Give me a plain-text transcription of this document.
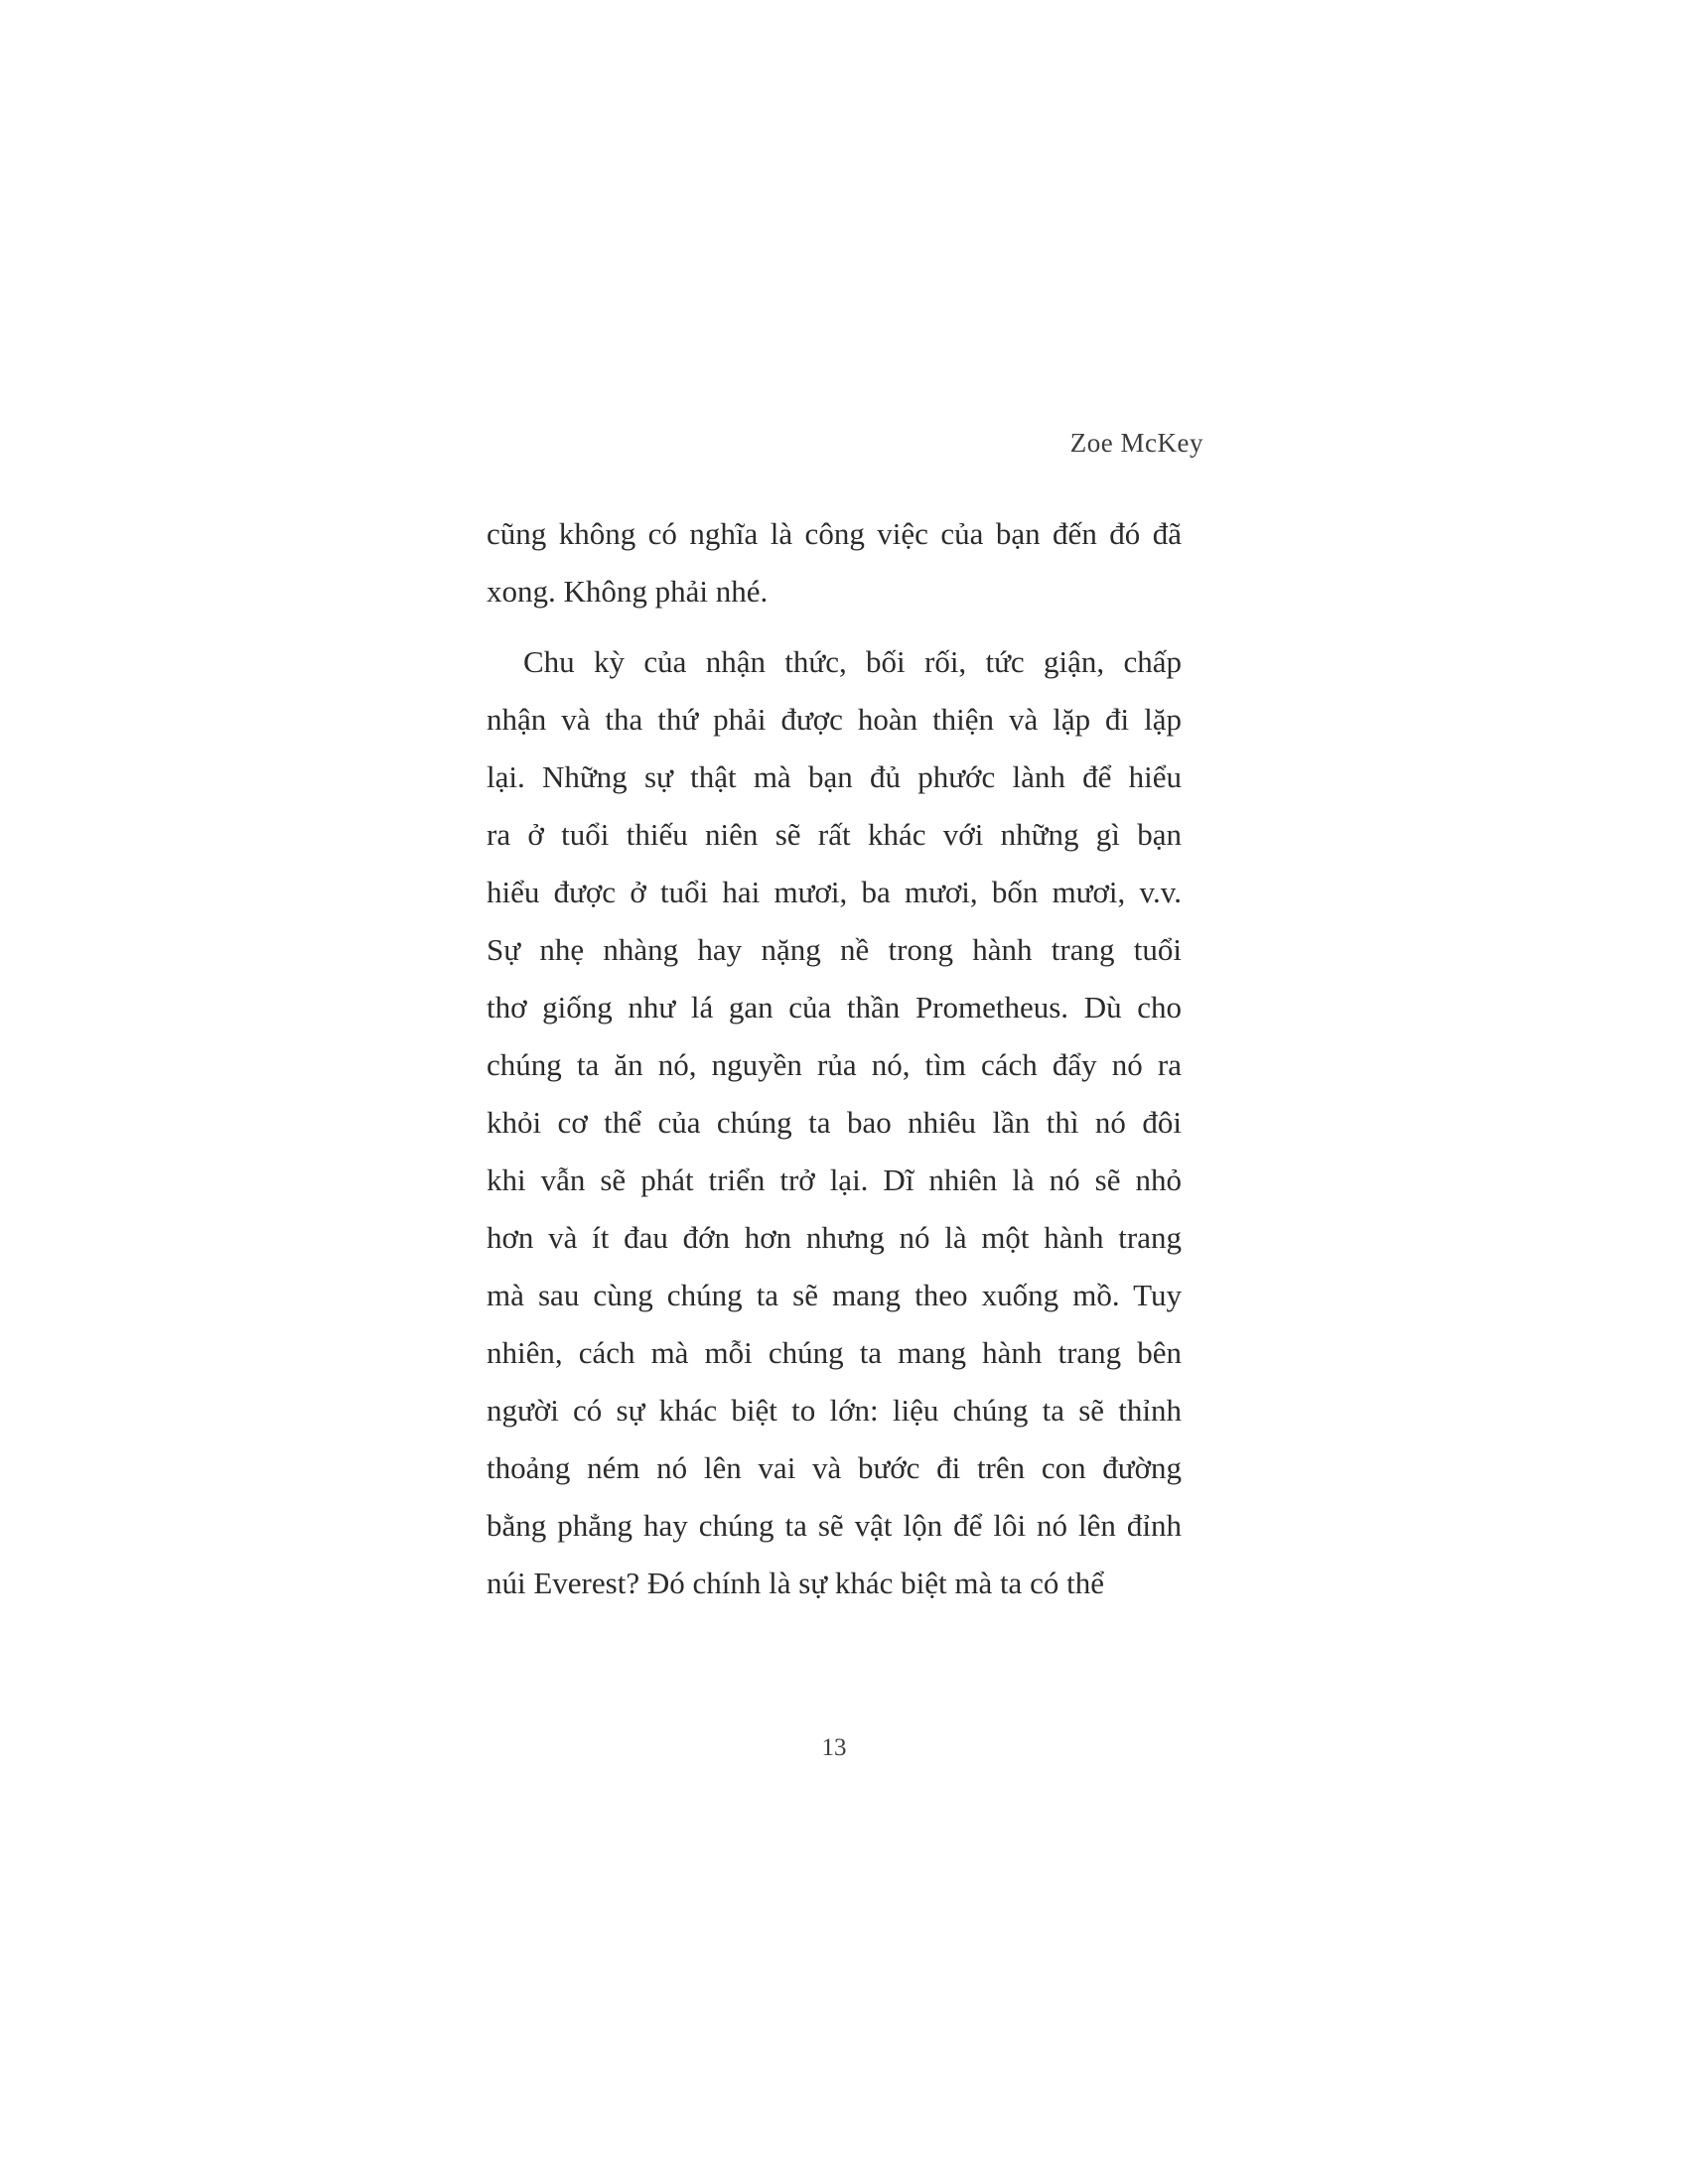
Zoe McKey
cũng không có nghĩa là công việc của bạn đến đó đã
xong. Không phải nhé.
Chu kỳ của nhận thức, bối rối, tức giận, chấp
nhận và tha thứ phải được hoàn thiện và lặp đi lặp
lại. Những sự thật mà bạn đủ phước lành để hiểu
ra ở tuổi thiếu niên sẽ rất khác với những gì bạn
hiểu được ở tuổi hai mươi, ba mươi, bốn mươi, v.v.
Sự nhẹ nhàng hay nặng nề trong hành trang tuổi
thơ giống như lá gan của thần Prometheus. Dù cho
chúng ta ăn nó, nguyền rủa nó, tìm cách đẩy nó ra
khỏi cơ thể của chúng ta bao nhiêu lần thì nó đôi
khi vẫn sẽ phát triển trở lại. Dĩ nhiên là nó sẽ nhỏ
hơn và ít đau đớn hơn nhưng nó là một hành trang
mà sau cùng chúng ta sẽ mang theo xuống mồ. Tuy
nhiên, cách mà mỗi chúng ta mang hành trang bên
người có sự khác biệt to lớn: liệu chúng ta sẽ thỉnh
thoảng ném nó lên vai và bước đi trên con đường
bằng phẳng hay chúng ta sẽ vật lộn để lôi nó lên đỉnh
núi Everest? Đó chính là sự khác biệt mà ta có thể
13
